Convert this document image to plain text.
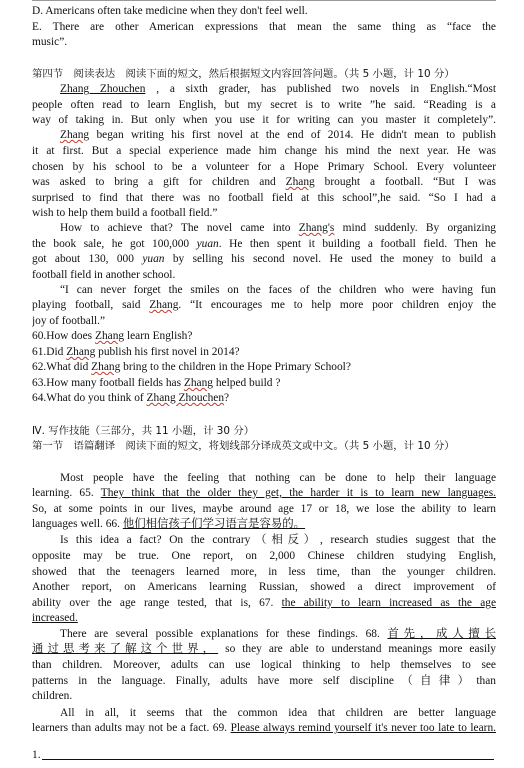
D. Americans often take medicine when they don't feel well.
E. There are other American expressions that mean the same thing as “face the
music”.
第四节　阅读表达　阅读下面的短文，然后根据短文内容回答问题。（共 5 小题，计 10 分）
Zhang Zhouchen , a sixth grader, has published two novels in English.“Most
people often read to learn English, but my secret is to write ”he said. “Reading is a
way of taking in. But only when you use it for writing can you master it completely”.
Zhang began writing his first novel at the end of 2014. He didn't mean to publish
it at first. But a special experience made him change his mind the next year. He was
chosen by his school to be a volunteer for a Hope Primary School. Every volunteer
was asked to bring a gift for children and Zhang brought a football. “But I was
surprised to find that there was no football field at this school”,he said. “So I had a
wish to help them build a football field.”
How to achieve that? The novel came into Zhang's mind suddenly. By organizing
the book sale, he got 100,000 yuan. He then spent it building a football field. Then he
got about 130, 000 yuan by selling his second novel. He used the money to build a
football field in another school.
“I can never forget the smiles on the faces of the children who were having fun
playing football, said Zhang. “It encourages me to help more poor children enjoy the
joy of football.”
60.How does Zhang learn English?
61.Did Zhang publish his first novel in 2014?
62.What did Zhang bring to the children in the Hope Primary School?
63.How many football fields has Zhang helped build ?
64.What do you think of Zhang Zhouchen?
Ⅳ. 写作技能（三部分，共 11 小题，计 30 分）
第一节　语篇翻译　阅读下面的短文，将划线部分译成英文或中文。（共 5 小题，计 10 分）
Most people have the feeling that nothing can be done to help their language
learning. 65. They think that the older they get, the harder it is to learn new languages.
So, at some points in our lives, maybe around age 17 or 18, we lose the ability to learn
languages well. 66. 他们相信孩子们学习语言是容易的。
Is this idea a fact? On the contrary（相反）, research studies suggest that the
opposite may be true. One report, on 2,000 Chinese children studying English,
showed that the teenagers learned more, in less time, than the younger children.
Another report, on Americans learning Russian, showed a direct improvement of
ability over the age range tested, that is, 67. the ability to learn increased as the age
increased.
There are several possible explanations for these findings. 68. 首先，成人擅长
通过思考来了解这个世界， so they are able to understand meanings more easily
than children. Moreover, adults can use logical thinking to help themselves to see
patterns in the language. Finally, adults have more self discipline（自律）than
children.
All in all, it seems that the common idea that children are better language
learners than adults may not be a fact. 69. Please always remind yourself it's never too late to learn.
1.
